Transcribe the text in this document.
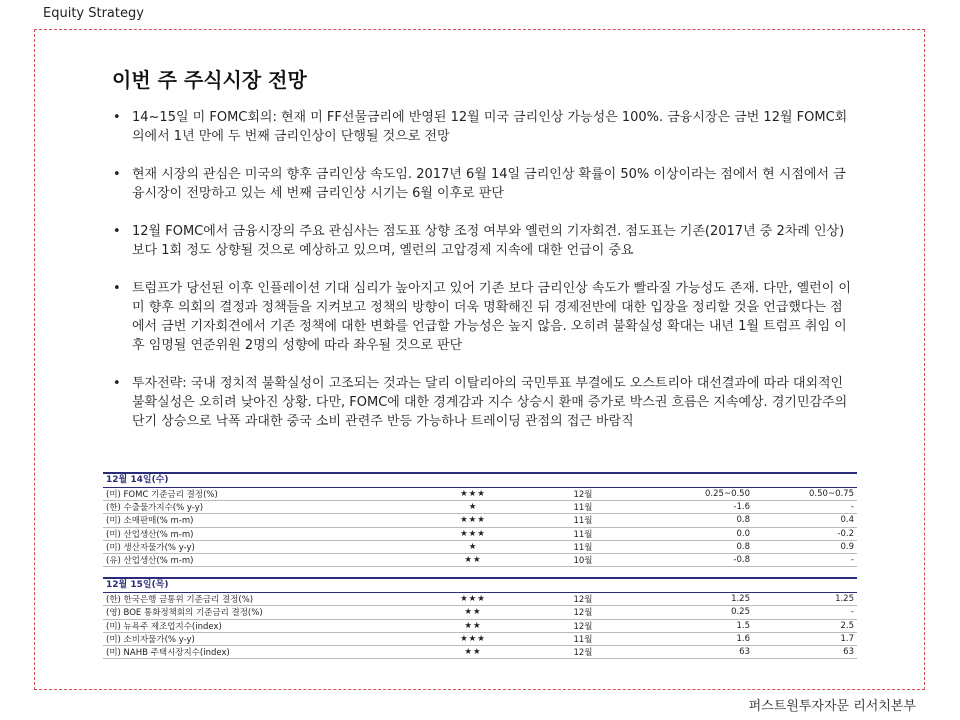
Equity Strategy
이번 주 주식시장 전망
• 14~15일 미 FOMC회의: 현재 미 FF선물금리에 반영된 12월 미국 금리인상 가능성은 100%. 금융시장은 금번 12월 FOMC회의에서 1년 만에 두 번째 금리인상이 단행될 것으로 전망
• 현재 시장의 관심은 미국의 향후 금리인상 속도임. 2017년 6월 14일 금리인상 확률이 50% 이상이라는 점에서 현 시점에서 금융시장이 전망하고 있는 세 번째 금리인상 시기는 6월 이후로 판단
• 12월 FOMC에서 금융시장의 주요 관심사는 점도표 상향 조정 여부와 옐런의 기자회견. 점도표는 기존(2017년 중 2차례 인상) 보다 1회 정도 상향될 것으로 예상하고 있으며, 옐런의 고압경제 지속에 대한 언급이 중요
• 트럼프가 당선된 이후 인플레이션 기대 심리가 높아지고 있어 기존 보다 금리인상 속도가 빨라질 가능성도 존재. 다만, 옐런이 이미 향후 의회의 결정과 정책들을 지켜보고 정책의 방향이 더욱 명확해진 뒤 경제전반에 대한 입장을 정리할 것을 언급했다는 점에서 금번 기자회견에서 기존 정책에 대한 변화를 언급할 가능성은 높지 않음. 오히려 불확실성 확대는 내년 1월 트럼프 취임 이후 임명될 연준위원 2명의 성향에 따라 좌우될 것으로 판단
• 투자전략: 국내 정치적 불확실성이 고조되는 것과는 달리 이탈리아의 국민투표 부결에도 오스트리아 대선결과에 따라 대외적인 불확실성은 오히려 낮아진 상황. 다만, FOMC에 대한 경계감과 지수 상승시 환매 증가로 박스권 흐름은 지속예상. 경기민감주의 단기 상승으로 낙폭 과대한 중국 소비 관련주 반등 가능하나 트레이딩 관점의 접근 바람직
12월 14일(수)
(미) FOMC 기준금리 결정(%)	★★★	12월	0.25~0.50	0.50~0.75
(한) 수출물가지수(% y-y)	★	11월	-1.6	-
(미) 소매판매(% m-m)	★★★	11월	0.8	0.4
(미) 산업생산(% m-m)	★★★	11월	0.0	-0.2
(미) 생산자물가(% y-y)	★	11월	0.8	0.9
(유) 산업생산(% m-m)	★★	10월	-0.8	-
12월 15일(목)
(한) 한국은행 금통위 기준금리 결정(%)	★★★	12월	1.25	1.25
(영) BOE 통화정책회의 기준금리 결정(%)	★★	12월	0.25	-
(미) 뉴욕주 제조업지수(index)	★★	12월	1.5	2.5
(미) 소비자물가(% y-y)	★★★	11월	1.6	1.7
(미) NAHB 주택시장지수(index)	★★	12월	63	63
퍼스트원투자자문 리서치본부
